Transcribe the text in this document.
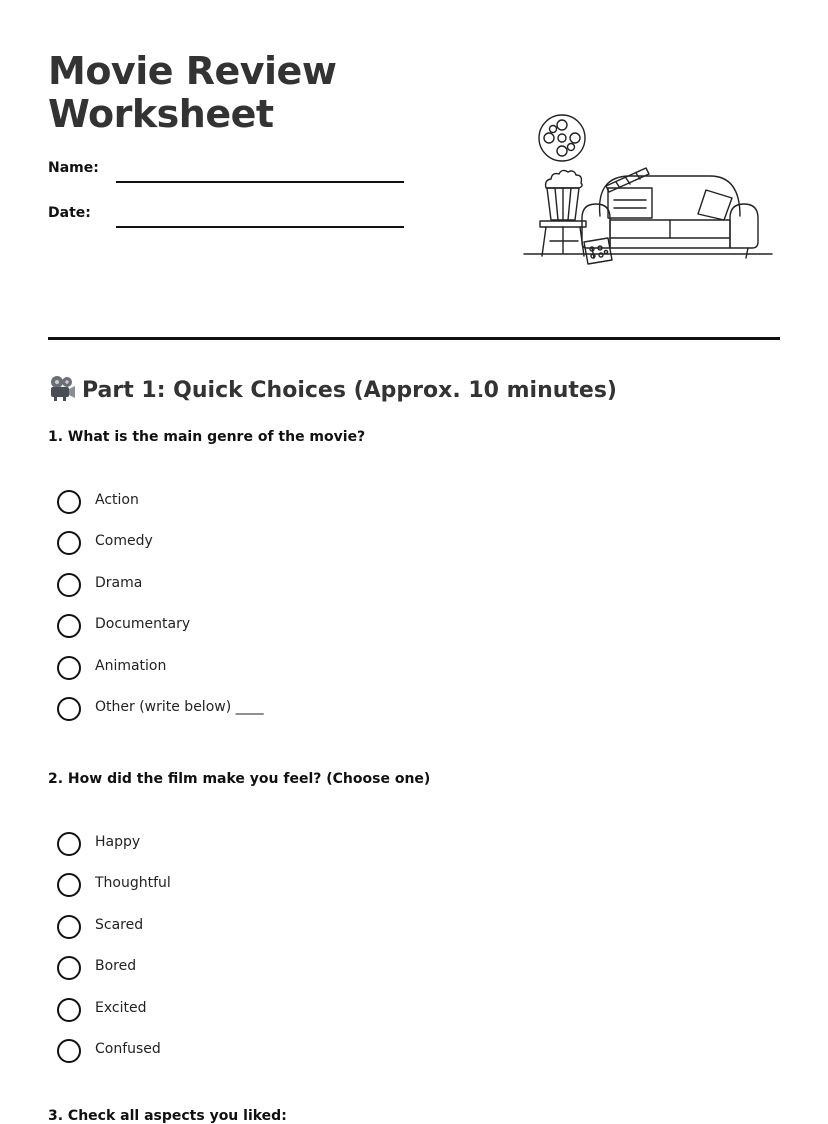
Movie Review
Worksheet
Name:
Date:
Part 1: Quick Choices (Approx. 10 minutes)

1. What is the main genre of the movie?

Action
Comedy
Drama
Documentary
Animation
Other (write below) ____

2. How did the film make you feel? (Choose one)

Happy
Thoughtful
Scared
Bored
Excited
Confused

3. Check all aspects you liked:
